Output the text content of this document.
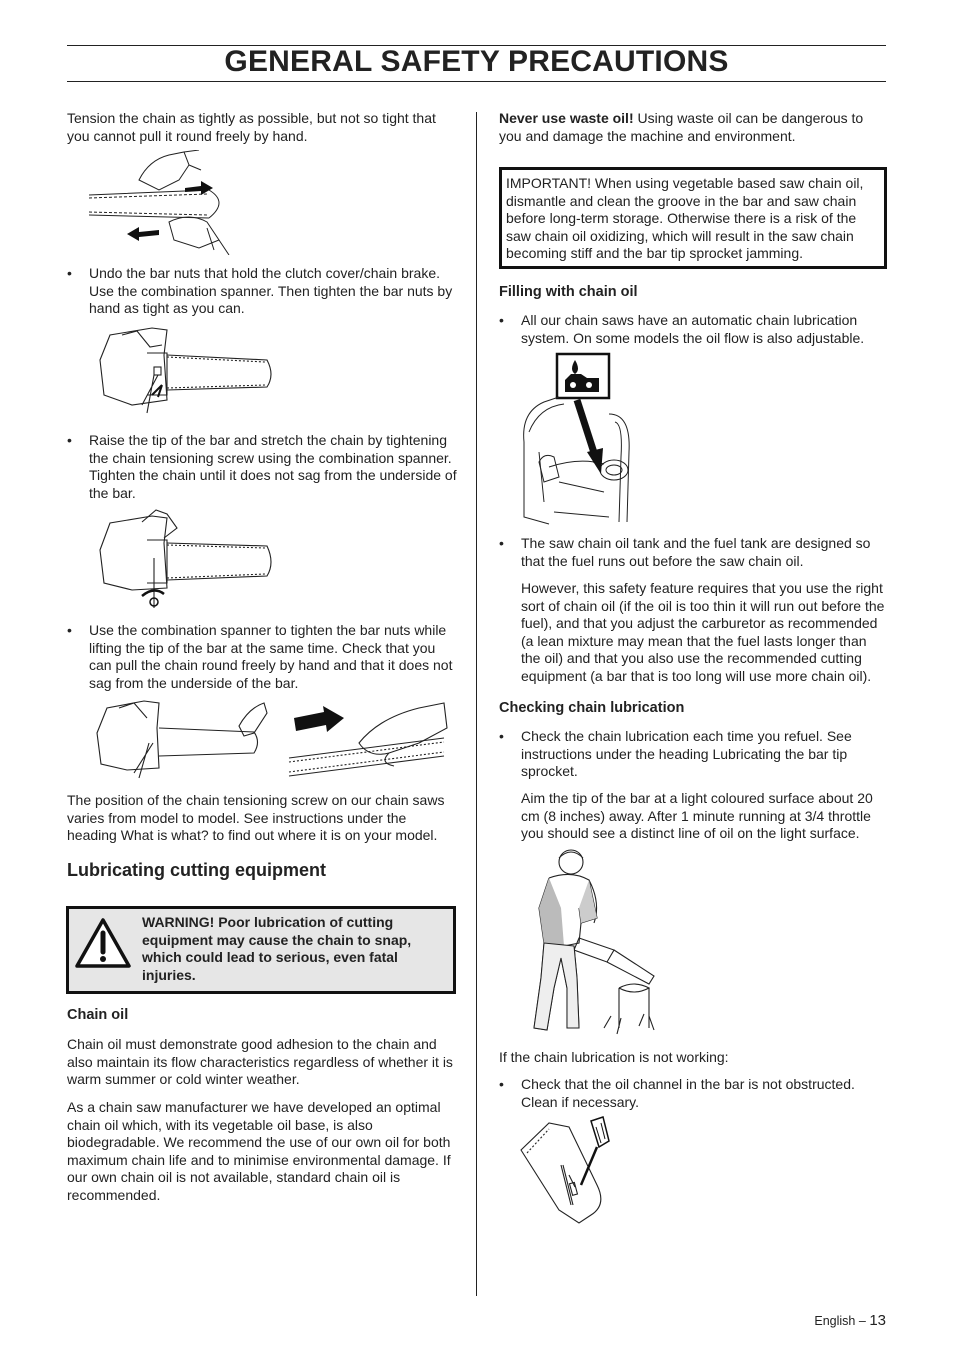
GENERAL SAFETY PRECAUTIONS

Tension the chain as tightly as possible, but not so tight that you cannot pull it round freely by hand.

• Undo the bar nuts that hold the clutch cover/chain brake. Use the combination spanner. Then tighten the bar nuts by hand as tight as you can.
• Raise the tip of the bar and stretch the chain by tightening the chain tensioning screw using the combination spanner. Tighten the chain until it does not sag from the underside of the bar.
• Use the combination spanner to tighten the bar nuts while lifting the tip of the bar at the same time. Check that you can pull the chain round freely by hand and that it does not sag from the underside of the bar.

The position of the chain tensioning screw on our chain saws varies from model to model. See instructions under the heading What is what? to find out where it is on your model.

Lubricating cutting equipment
WARNING! Poor lubrication of cutting equipment may cause the chain to snap, which could lead to serious, even fatal injuries.
Chain oil

Chain oil must demonstrate good adhesion to the chain and also maintain its flow characteristics regardless of whether it is warm summer or cold winter weather.

As a chain saw manufacturer we have developed an optimal chain oil which, with its vegetable oil base, is also biodegradable. We recommend the use of our own oil for both maximum chain life and to minimise environmental damage. If our own chain oil is not available, standard chain oil is recommended.

Never use waste oil! Using waste oil can be dangerous to you and damage the machine and environment.

IMPORTANT! When using vegetable based saw chain oil, dismantle and clean the groove in the bar and saw chain before long-term storage. Otherwise there is a risk of the saw chain oil oxidizing, which will result in the saw chain becoming stiff and the bar tip sprocket jamming.
Filling with chain oil
• All our chain saws have an automatic chain lubrication system. On some models the oil flow is also adjustable.
• The saw chain oil tank and the fuel tank are designed so that the fuel runs out before the saw chain oil.

However, this safety feature requires that you use the right sort of chain oil (if the oil is too thin it will run out before the fuel), and that you adjust the carburetor as recommended (a lean mixture may mean that the fuel lasts longer than the oil) and that you also use the recommended cutting equipment (a bar that is too long will use more chain oil).

Checking chain lubrication
• Check the chain lubrication each time you refuel. See instructions under the heading Lubricating the bar tip sprocket.

Aim the tip of the bar at a light coloured surface about 20 cm (8 inches) away. After 1 minute running at 3/4 throttle you should see a distinct line of oil on the light surface.

If the chain lubrication is not working:

• Check that the oil channel in the bar is not obstructed. Clean if necessary.
English – 13
